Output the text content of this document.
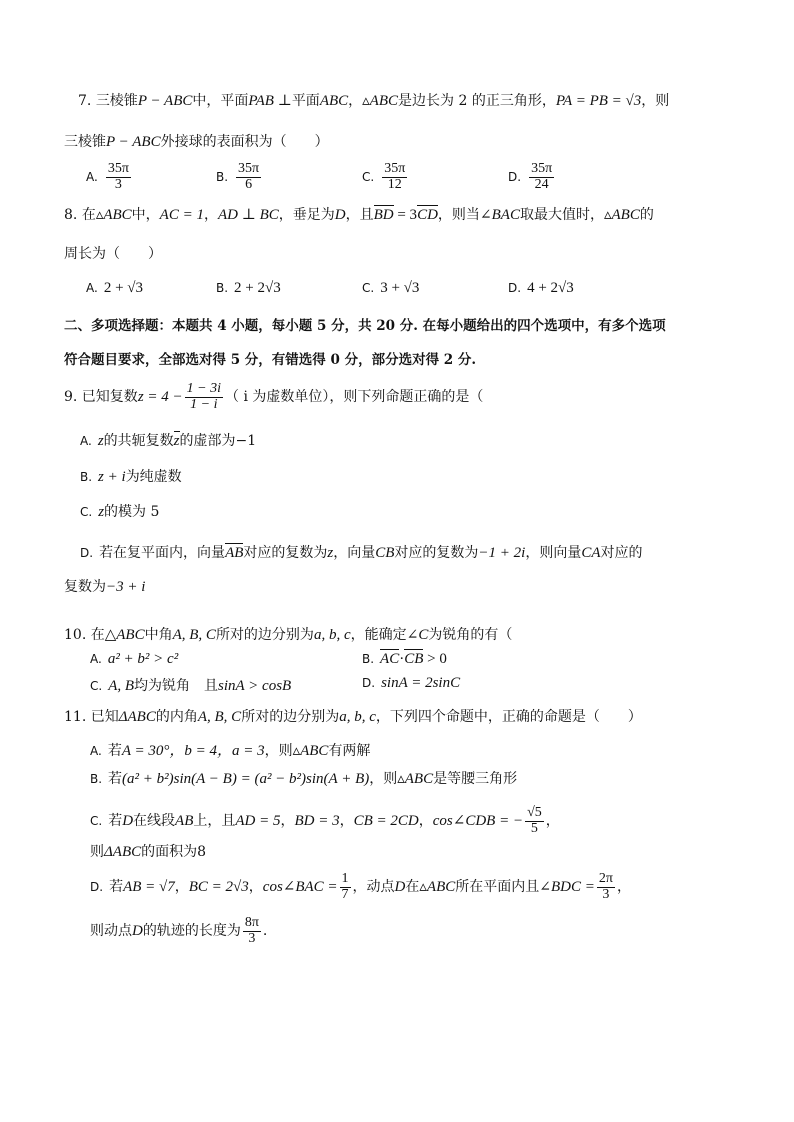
7. 三棱锥P − ABC中，平面PAB ⊥平面ABC，▵ABC是边长为 2 的正三角形，PA = PB = √3，则
三棱锥P − ABC外接球的表面积为（　　）
A. $\frac{35\pi}{3}$	B. $\frac{35\pi}{6}$	C. $\frac{35\pi}{12}$	D. $\frac{35\pi}{24}$
8. 在▵ABC中，AC = 1，AD ⊥ BC，垂足为D，且BD = 3CD，则当∠BAC取最大值时，▵ABC的
周长为（　　）
A. 2 + √3	B. 2 + 2√3	C. 3 + √3	D. 4 + 2√3
二、多项选择题：本题共 4 小题，每小题 5 分，共 20 分. 在每小题给出的四个选项中，有多个选项
符合题目要求，全部选对得 5 分，有错选得 0 分，部分选对得 2 分.
9. 已知复数$z = 4 - \frac{1 - 3i}{1 - i}$ （ i 为虚数单位），则下列命题正确的是（
A. z的共轭复数z的虚部为−1
B. z + i为纯虚数
C. z的模为 5
D. 若在复平面内，向量AB对应的复数为z，向量CB对应的复数为−1 + 2i，则向量CA对应的
复数为−3 + i
10. 在△ABC中角A, B, C所对的边分别为a, b, c，能确定∠C为锐角的有（
A. a² + b² > c²	B. AC·CB > 0
C. A, B均为锐角　且sinA > cosB	D. sinA = 2sinC
11. 已知ΔABC的内角A, B, C所对的边分别为a, b, c，下列四个命题中，正确的命题是（　　）
A. 若A = 30°，b = 4，a = 3，则▵ABC有两解
B. 若(a² + b²)sin(A − B) = (a² − b²)sin(A + B)，则▵ABC是等腰三角形
C. 若D在线段AB上，且AD = 5，BD = 3，CB = 2CD，cos∠CDB = − $\frac{√5}{5}$ ，
则ΔABC的面积为8
D. 若AB = √7，BC = 2√3，cos∠BAC = $\frac{1}{7}$ ，动点D在▵ABC所在平面内且∠BDC = $\frac{2\pi}{3}$ ，
则动点D的轨迹的长度为 $\frac{8\pi}{3}$ .
